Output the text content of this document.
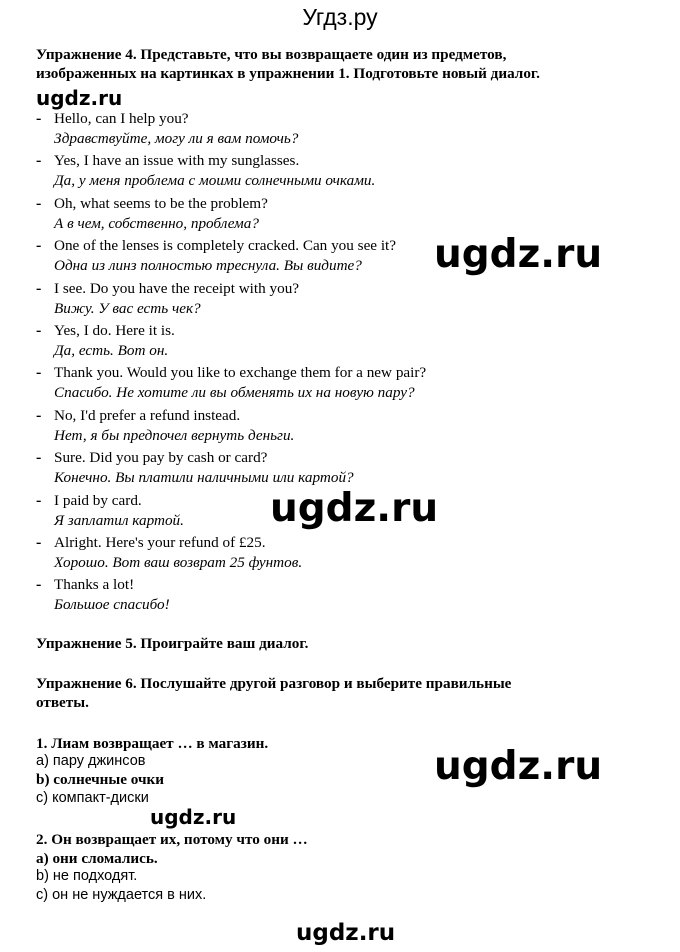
Угдз.ру
Упражнение 4. Представьте, что вы возвращаете один из предметов,
изображенных на картинках в упражнении 1. Подготовьте новый диалог.
- Hello, can I help you?
Здравствуйте, могу ли я вам помочь?
- Yes, I have an issue with my sunglasses.
Да, у меня проблема с моими солнечными очками.
- Oh, what seems to be the problem?
А в чем, собственно, проблема?
- One of the lenses is completely cracked. Can you see it?
Одна из линз полностью треснула. Вы видите?
- I see. Do you have the receipt with you?
Вижу. У вас есть чек?
- Yes, I do. Here it is.
Да, есть. Вот он.
- Thank you. Would you like to exchange them for a new pair?
Спасибо. Не хотите ли вы обменять их на новую пару?
- No, I'd prefer a refund instead.
Нет, я бы предпочел вернуть деньги.
- Sure. Did you pay by cash or card?
Конечно. Вы платили наличными или картой?
- I paid by card.
Я заплатил картой.
- Alright. Here's your refund of £25.
Хорошо. Вот ваш возврат 25 фунтов.
- Thanks a lot!
Большое спасибо!
Упражнение 5. Проиграйте ваш диалог.
Упражнение 6. Послушайте другой разговор и выберите правильные
ответы.
1. Лиам возвращает … в магазин.
a) пару джинсов
b) солнечные очки
c) компакт-диски
2. Он возвращает их, потому что они …
a) они сломались.
b) не подходят.
c) он не нуждается в них.
ugdz.ru
ugdz.ru
ugdz.ru
ugdz.ru
ugdz.ru
ugdz.ru
